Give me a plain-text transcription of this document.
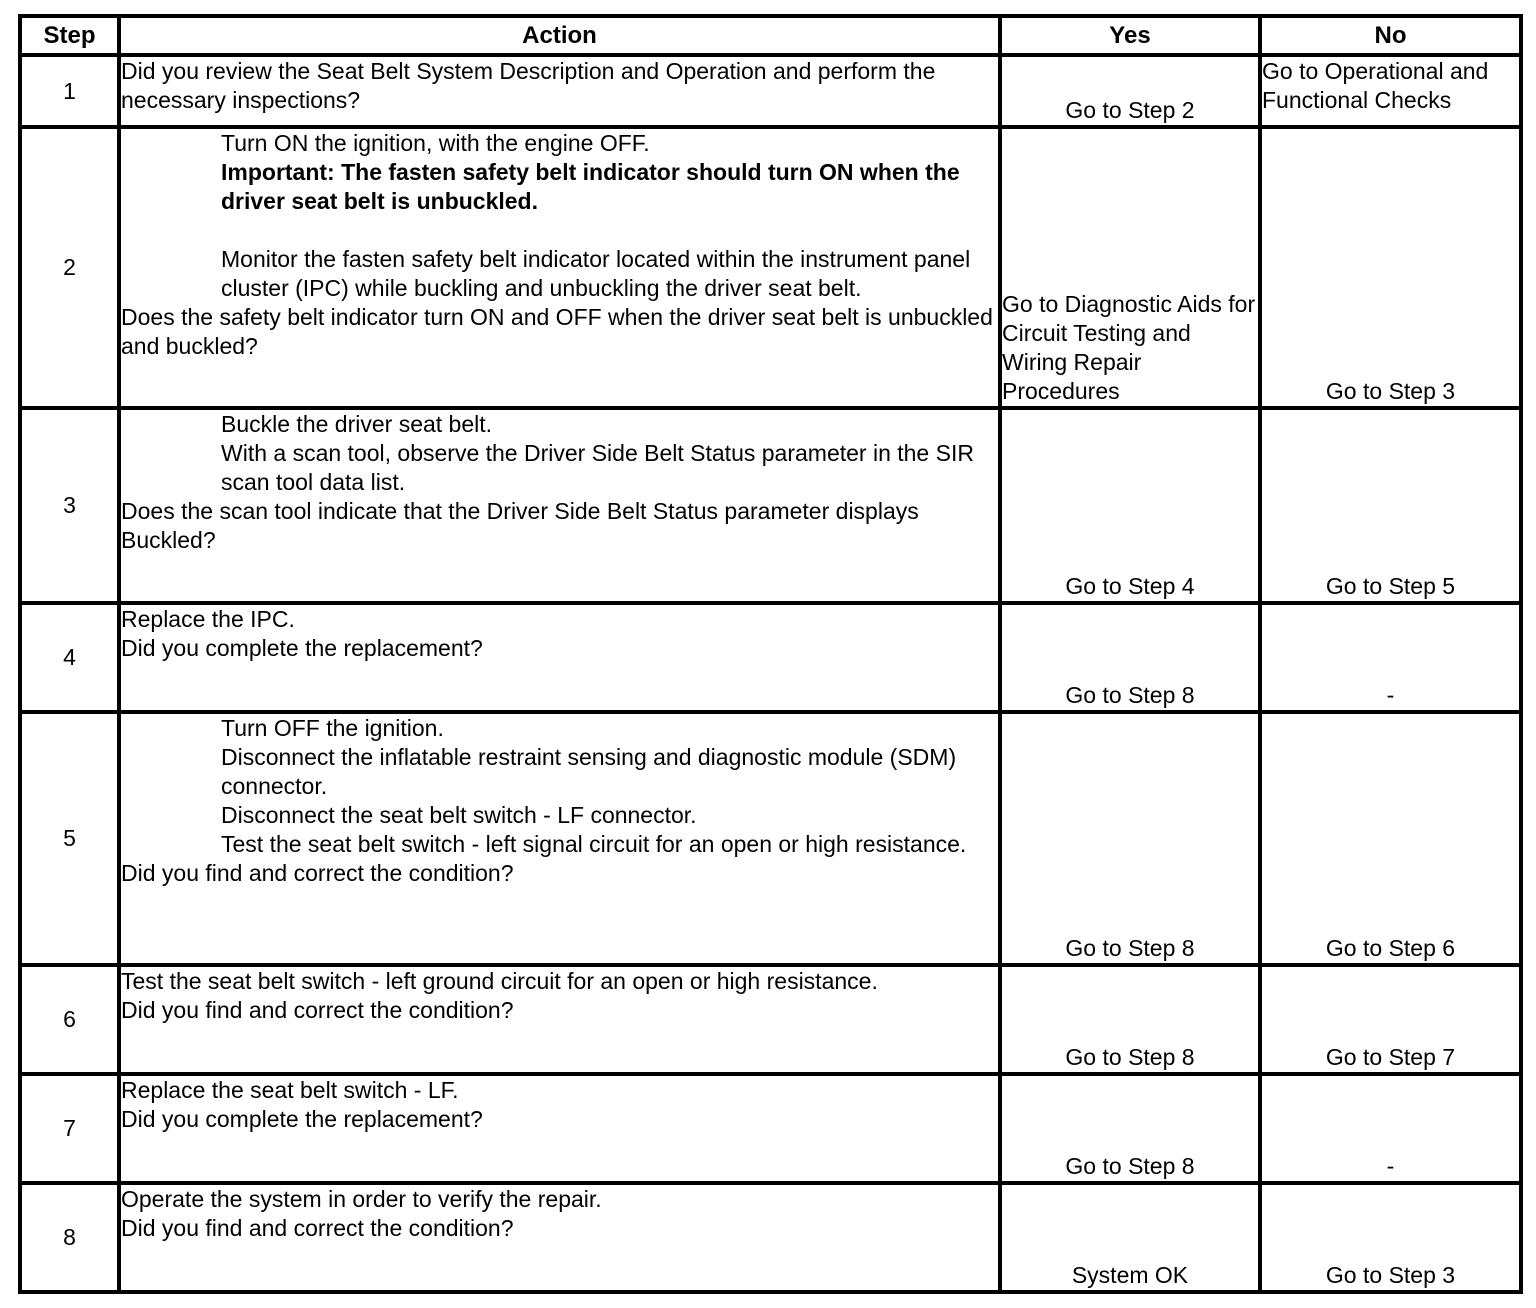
Step	Action	Yes	No
1	Did you review the Seat Belt System Description and Operation and perform the necessary inspections?	Go to Step 2	Go to Operational and Functional Checks
2	Turn ON the ignition, with the engine OFF.
Important: The fasten safety belt indicator should turn ON when the driver seat belt is unbuckled.
Monitor the fasten safety belt indicator located within the instrument panel cluster (IPC) while buckling and unbuckling the driver seat belt.
Does the safety belt indicator turn ON and OFF when the driver seat belt is unbuckled and buckled?	Go to Diagnostic Aids for Circuit Testing and Wiring Repair Procedures	Go to Step 3
3	Buckle the driver seat belt.
With a scan tool, observe the Driver Side Belt Status parameter in the SIR scan tool data list.
Does the scan tool indicate that the Driver Side Belt Status parameter displays Buckled?	Go to Step 4	Go to Step 5
4	Replace the IPC.
Did you complete the replacement?	Go to Step 8	-
5	Turn OFF the ignition.
Disconnect the inflatable restraint sensing and diagnostic module (SDM) connector.
Disconnect the seat belt switch - LF connector.
Test the seat belt switch - left signal circuit for an open or high resistance.
Did you find and correct the condition?	Go to Step 8	Go to Step 6
6	Test the seat belt switch - left ground circuit for an open or high resistance.
Did you find and correct the condition?	Go to Step 8	Go to Step 7
7	Replace the seat belt switch - LF.
Did you complete the replacement?	Go to Step 8	-
8	Operate the system in order to verify the repair.
Did you find and correct the condition?	System OK	Go to Step 3
